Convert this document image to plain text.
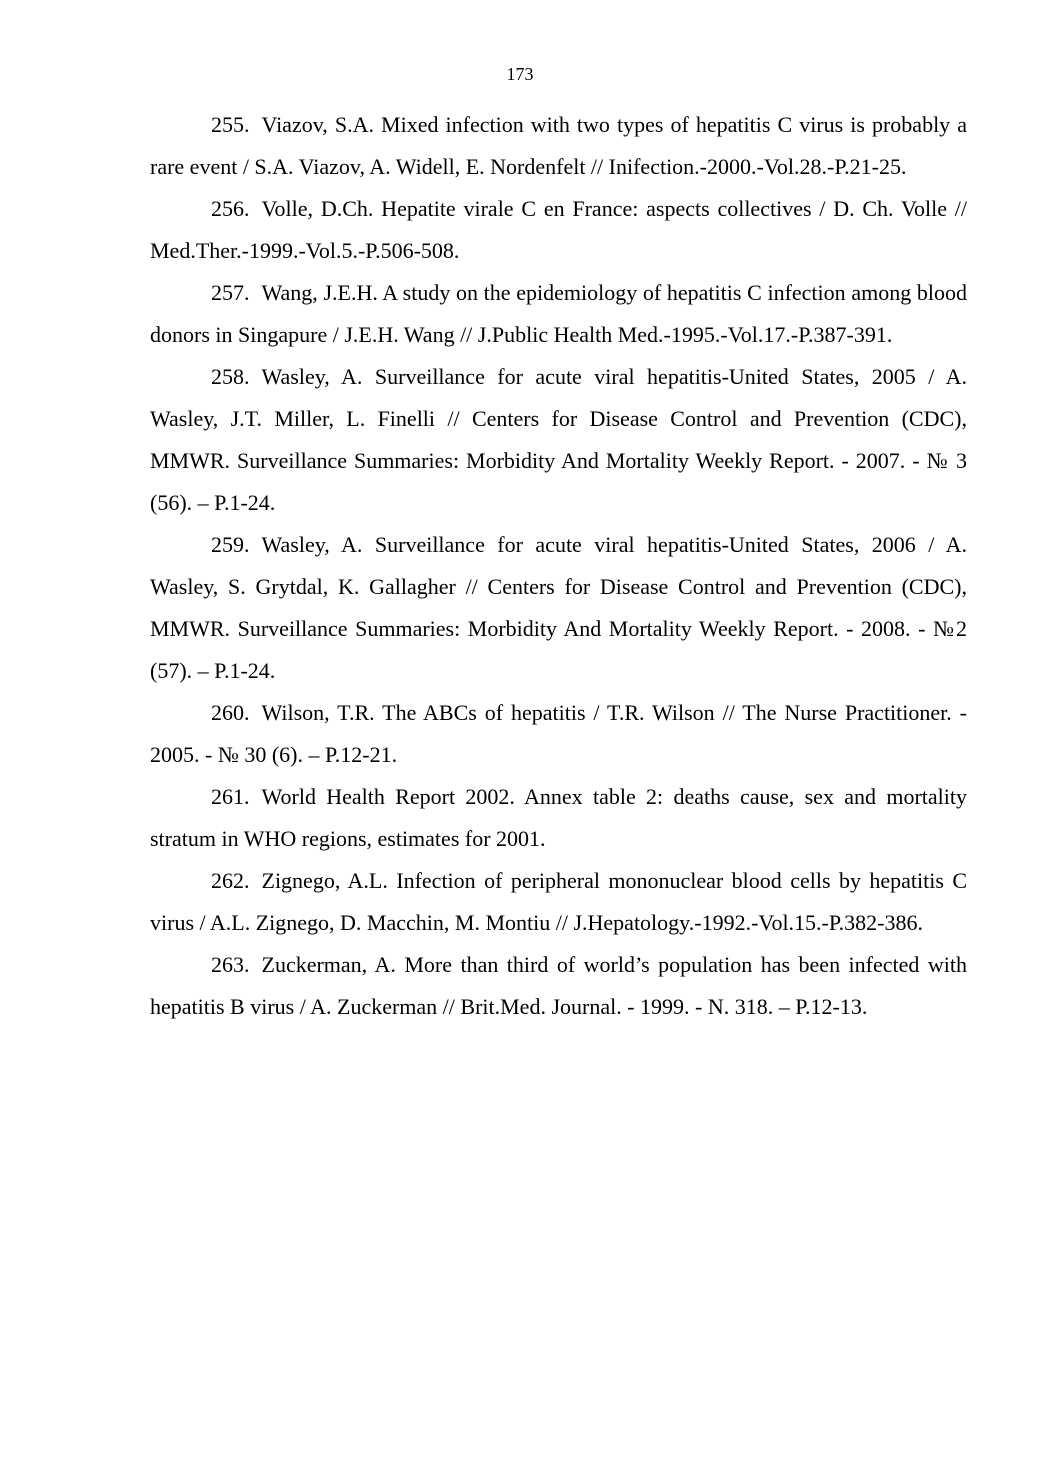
173

255. Viazov, S.A. Mixed infection with two types of hepatitis C virus is probably a rare event / S.A. Viazov, A. Widell, E. Nordenfelt // Inifection.-2000.-Vol.28.-P.21-25.

256. Volle, D.Ch. Hepatite virale C en France: aspects collectives / D. Ch. Volle // Med.Ther.-1999.-Vol.5.-P.506-508.

257. Wang, J.E.H. A study on the epidemiology of hepatitis C infection among blood donors in Singapure / J.E.H. Wang // J.Public Health Med.-1995.-Vol.17.-P.387-391.

258. Wasley, A. Surveillance for acute viral hepatitis-United States, 2005 / A. Wasley, J.T. Miller, L. Finelli // Centers for Disease Control and Prevention (CDC), MMWR. Surveillance Summaries: Morbidity And Mortality Weekly Report. - 2007. - № 3 (56). – P.1-24.

259. Wasley, A. Surveillance for acute viral hepatitis-United States, 2006 / A. Wasley, S. Grytdal, K. Gallagher // Centers for Disease Control and Prevention (CDC), MMWR. Surveillance Summaries: Morbidity And Mortality Weekly Report. - 2008. - №2 (57). – P.1-24.

260. Wilson, T.R. The ABCs of hepatitis / T.R. Wilson // The Nurse Practitioner. - 2005. - № 30 (6). – P.12-21.

261. World Health Report 2002. Annex table 2: deaths cause, sex and mortality stratum in WHO regions, estimates for 2001.

262. Zignego, A.L. Infection of peripheral mononuclear blood cells by hepatitis C virus / A.L. Zignego, D. Macchin, M. Montiu // J.Hepatology.-1992.-Vol.15.-P.382-386.

263. Zuckerman, A. More than third of world’s population has been infected with hepatitis B virus / A. Zuckerman // Brit.Med. Journal. - 1999. - N. 318. – P.12-13.
